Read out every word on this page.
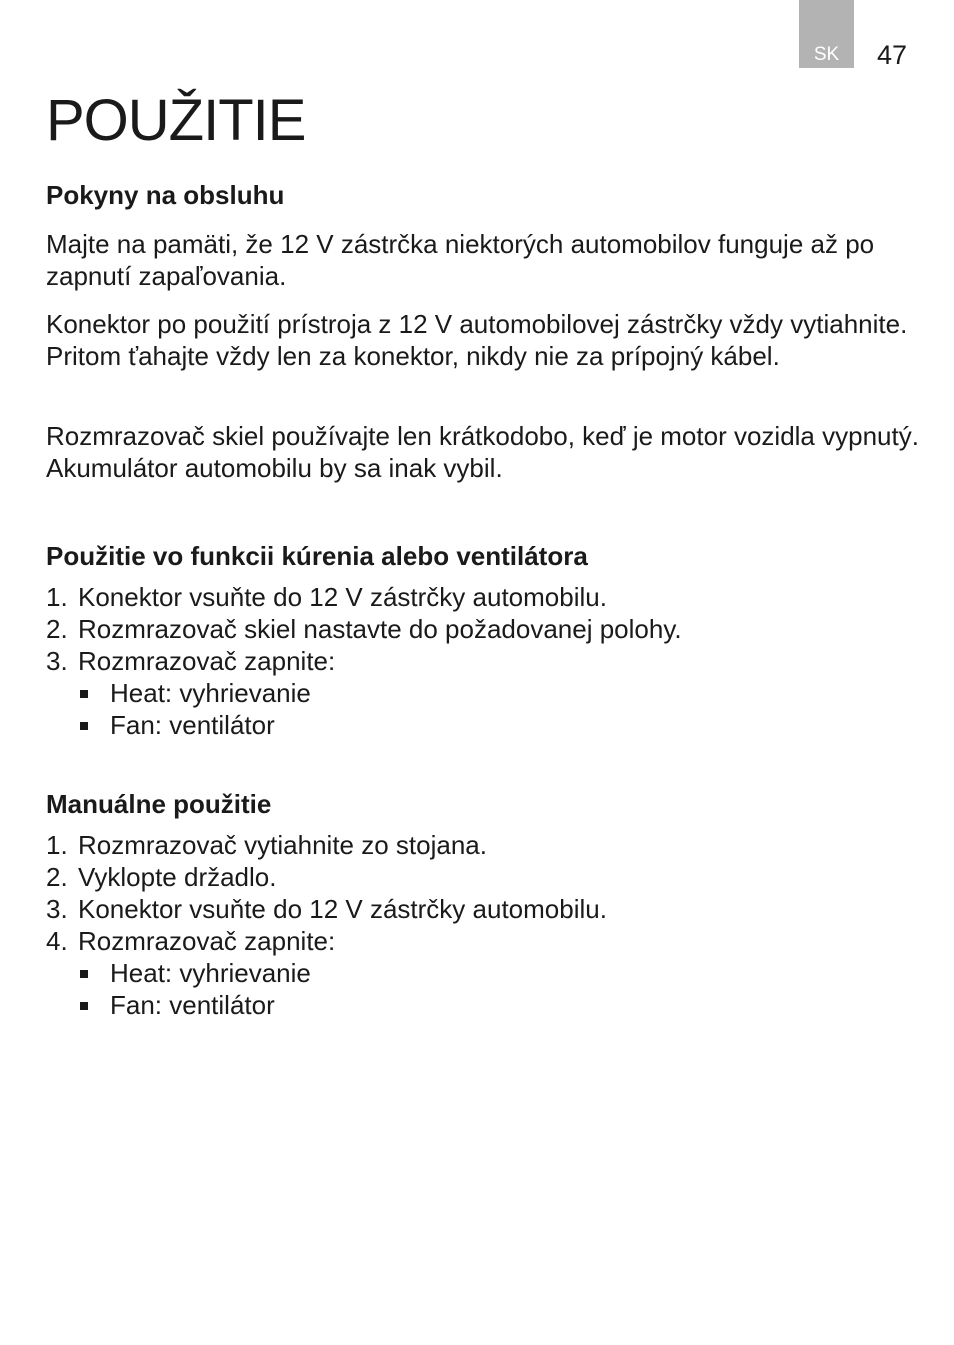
SK	47
POUŽITIE
Pokyny na obsluhu

Majte na pamäti, že 12 V zástrčka niektorých automobilov funguje až po zapnutí zapaľovania.

Konektor po použití prístroja z 12 V automobilovej zástrčky vždy vytiahnite. Pritom ťahajte vždy len za konektor, nikdy nie za prípojný kábel.

Rozmrazovač skiel používajte len krátkodobo, keď je motor vozidla vypnutý. Akumulátor automobilu by sa inak vybil.

Použitie vo funkcii kúrenia alebo ventilátora
1. Konektor vsuňte do 12 V zástrčky automobilu.
2. Rozmrazovač skiel nastavte do požadovanej polohy.
3. Rozmrazovač zapnite:
Heat: vyhrievanie
Fan: ventilátor
Manuálne použitie
1. Rozmrazovač vytiahnite zo stojana.
2. Vyklopte držadlo.
3. Konektor vsuňte do 12 V zástrčky automobilu.
4. Rozmrazovač zapnite:
Heat: vyhrievanie
Fan: ventilátor
